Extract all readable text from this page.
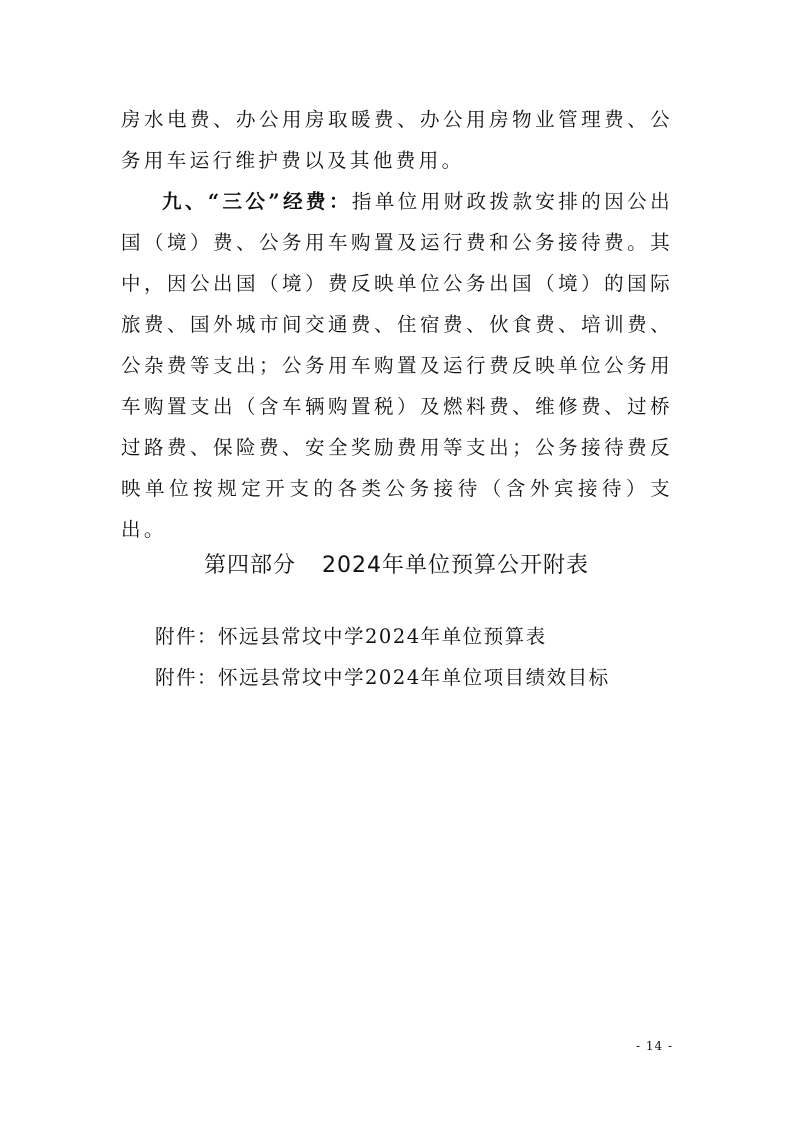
房水电费、办公用房取暖费、办公用房物业管理费、公务用车运行维护费以及其他费用。

九、“三公”经费：指单位用财政拨款安排的因公出国（境）费、公务用车购置及运行费和公务接待费。其中，因公出国（境）费反映单位公务出国（境）的国际旅费、国外城市间交通费、住宿费、伙食费、培训费、公杂费等支出；公务用车购置及运行费反映单位公务用车购置支出（含车辆购置税）及燃料费、维修费、过桥过路费、保险费、安全奖励费用等支出；公务接待费反映单位按规定开支的各类公务接待（含外宾接待）支出。

第四部分 2024年单位预算公开附表
附件：怀远县常坟中学2024年单位预算表
附件：怀远县常坟中学2024年单位项目绩效目标
- 14 -
